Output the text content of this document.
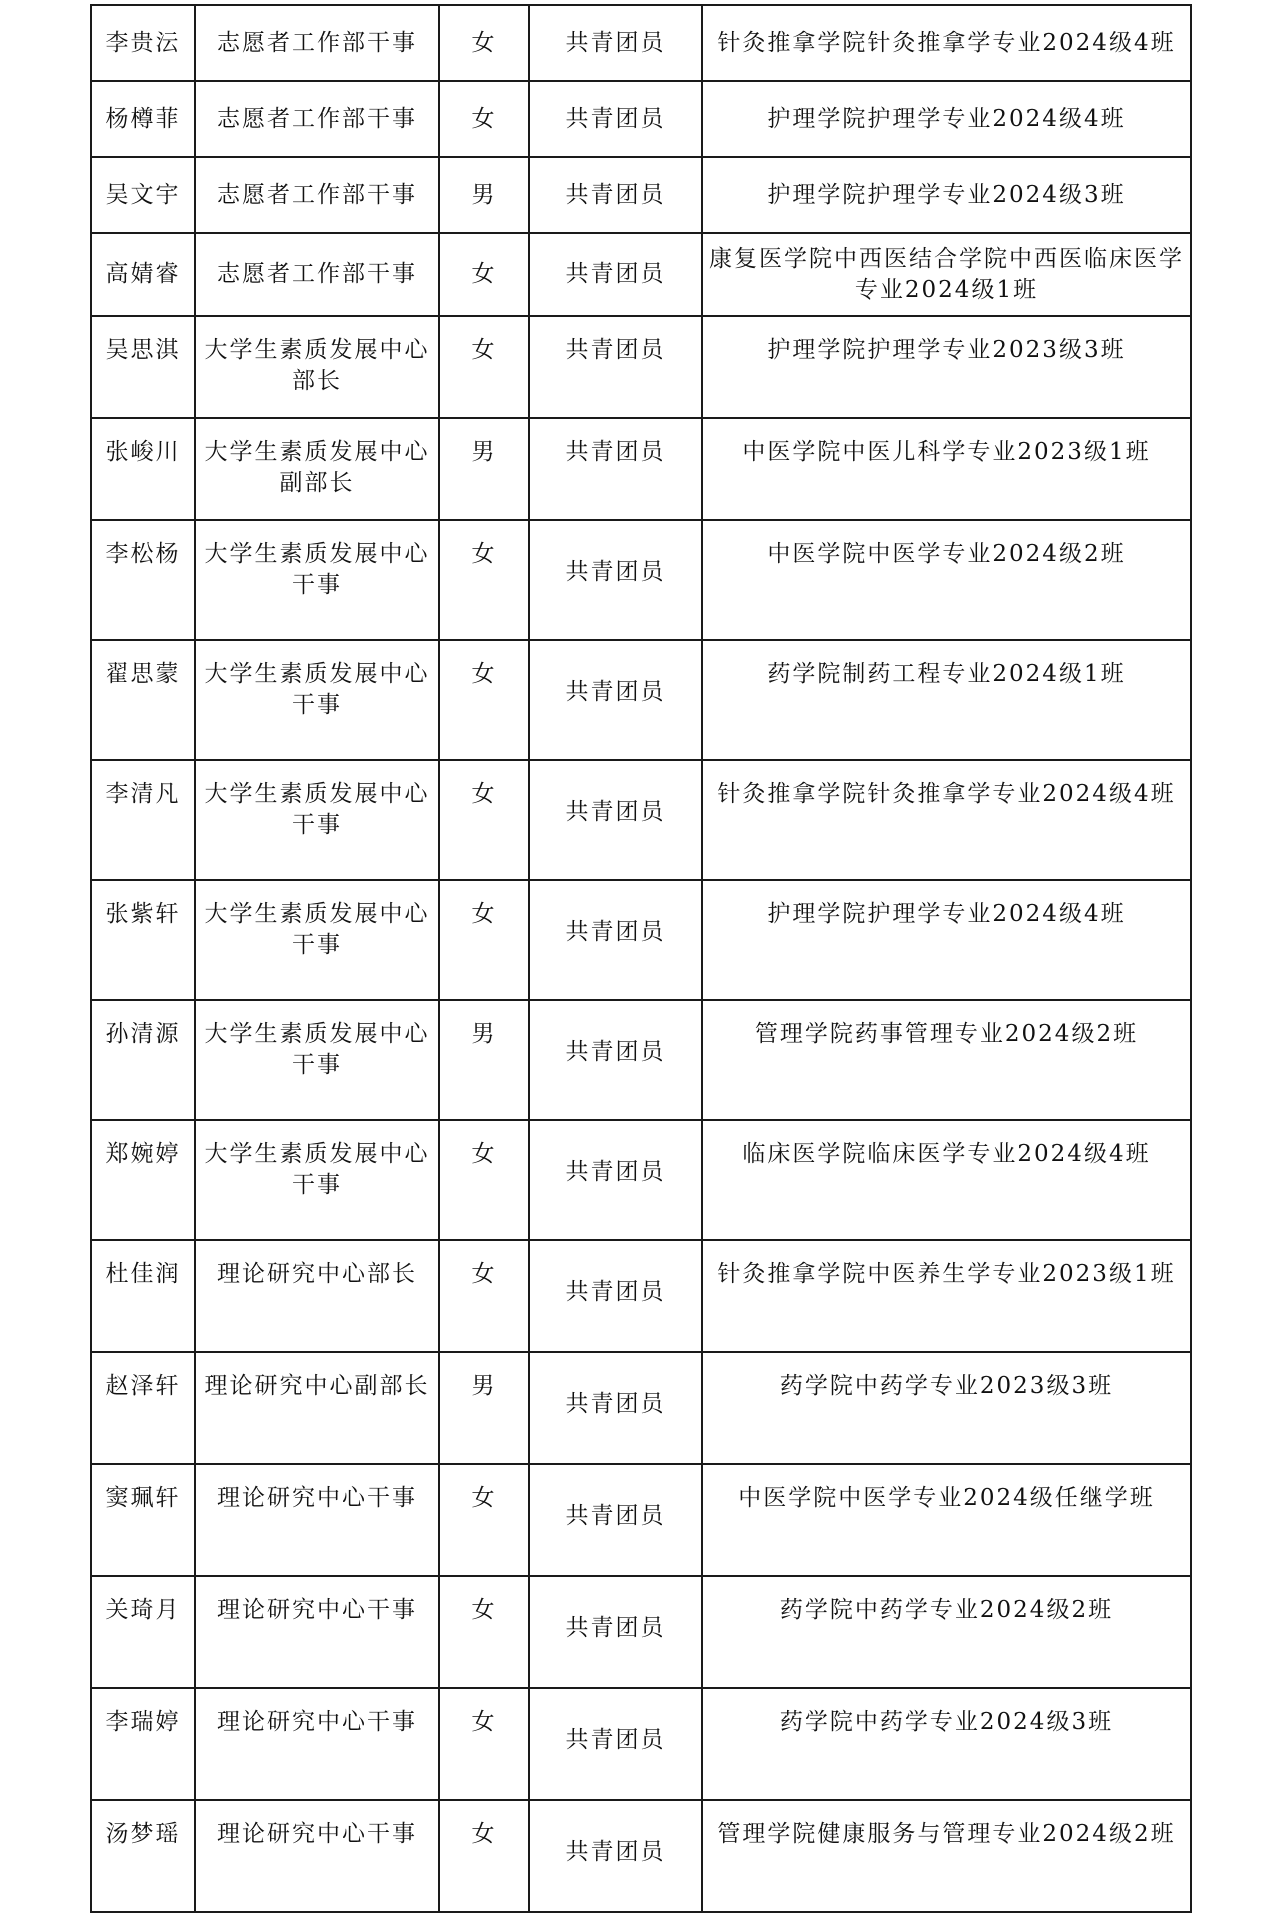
李贵沄	志愿者工作部干事	女	共青团员	针灸推拿学院针灸推拿学专业2024级4班
杨樽菲	志愿者工作部干事	女	共青团员	护理学院护理学专业2024级4班
吴文宇	志愿者工作部干事	男	共青团员	护理学院护理学专业2024级3班
高婧睿	志愿者工作部干事	女	共青团员	康复医学院中西医结合学院中西医临床医学专业2024级1班
吴思淇	大学生素质发展中心部长	女	共青团员	护理学院护理学专业2023级3班
张峻川	大学生素质发展中心副部长	男	共青团员	中医学院中医儿科学专业2023级1班
李松杨	大学生素质发展中心干事	女	共青团员	中医学院中医学专业2024级2班
翟思蒙	大学生素质发展中心干事	女	共青团员	药学院制药工程专业2024级1班
李清凡	大学生素质发展中心干事	女	共青团员	针灸推拿学院针灸推拿学专业2024级4班
张紫轩	大学生素质发展中心干事	女	共青团员	护理学院护理学专业2024级4班
孙清源	大学生素质发展中心干事	男	共青团员	管理学院药事管理专业2024级2班
郑婉婷	大学生素质发展中心干事	女	共青团员	临床医学院临床医学专业2024级4班
杜佳润	理论研究中心部长	女	共青团员	针灸推拿学院中医养生学专业2023级1班
赵泽轩	理论研究中心副部长	男	共青团员	药学院中药学专业2023级3班
窦珮轩	理论研究中心干事	女	共青团员	中医学院中医学专业2024级任继学班
关琦月	理论研究中心干事	女	共青团员	药学院中药学专业2024级2班
李瑞婷	理论研究中心干事	女	共青团员	药学院中药学专业2024级3班
汤梦瑶	理论研究中心干事	女	共青团员	管理学院健康服务与管理专业2024级2班
